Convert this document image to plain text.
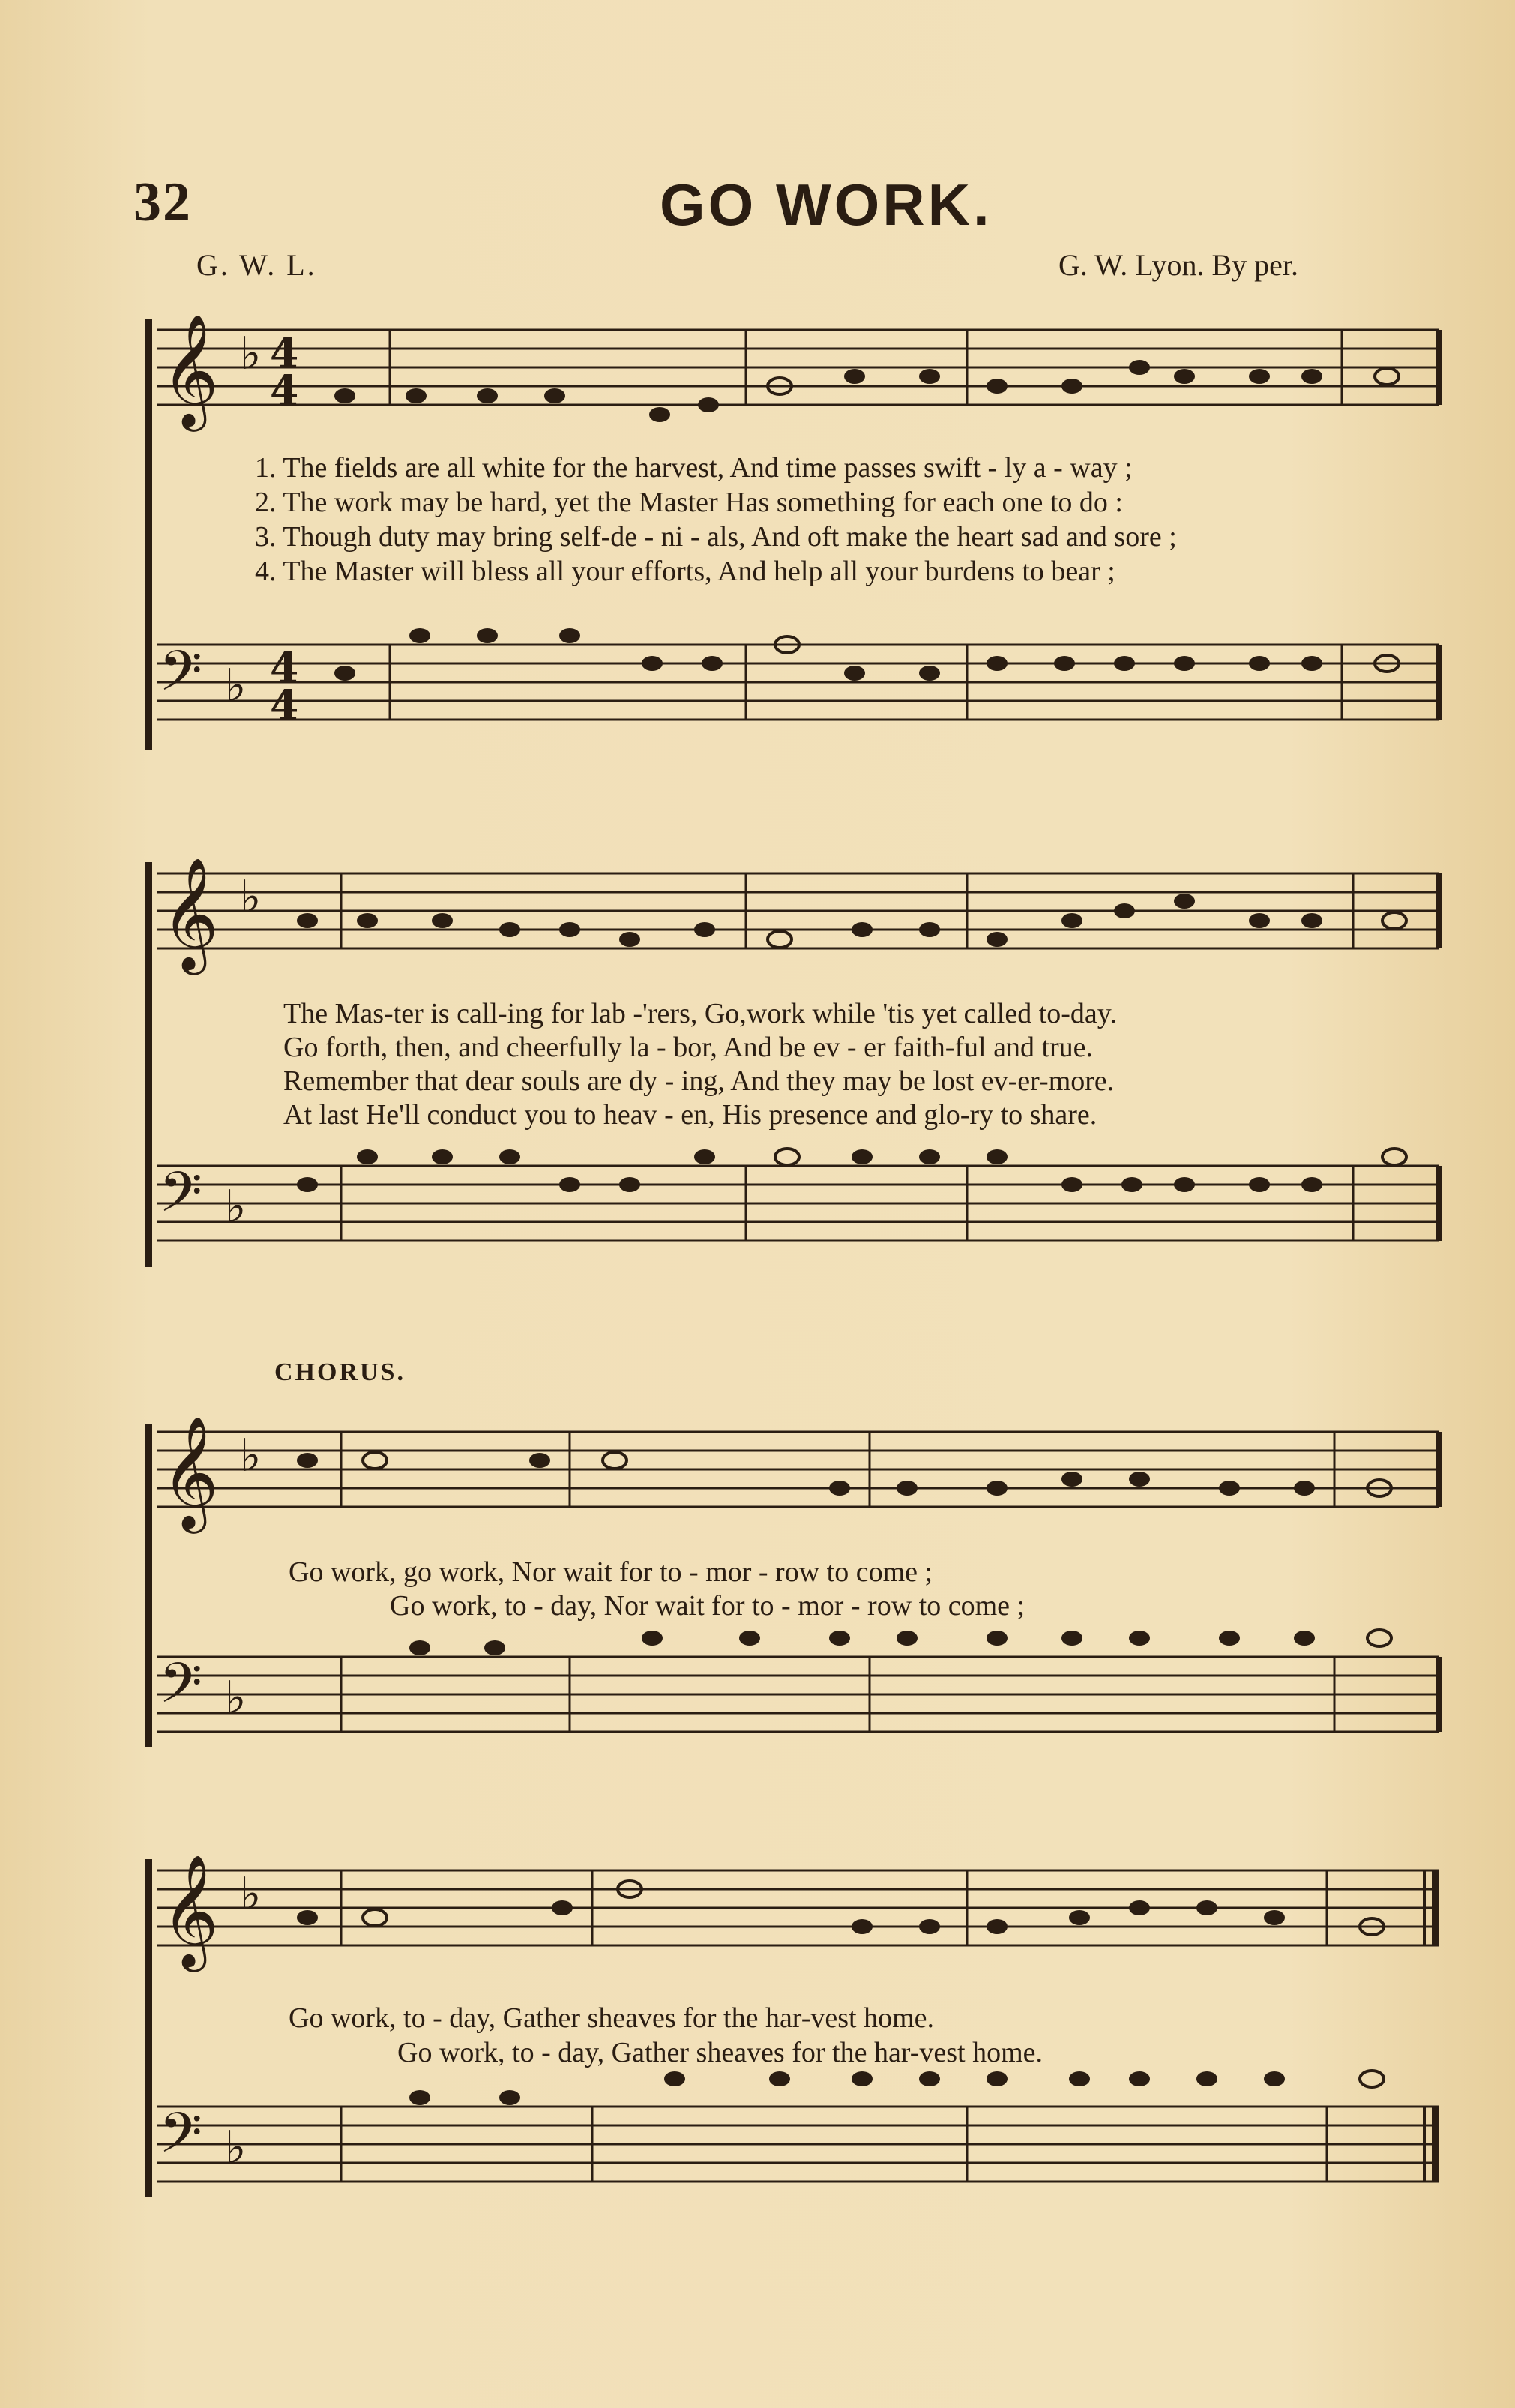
32	GO WORK.
G. W. L.	G. W. Lyon. By per.
𝄞 ♭ 4
4
𝄢 ♭ 4
4
𝄞 ♭
𝄢 ♭
𝄞 ♭
𝄢 ♭
𝄞 ♭
𝄢 ♭
1. The fields are all white for the harvest, And time passes swift - ly a - way ;
2. The work may be hard, yet the Master Has something for each one to do :
3. Though duty may bring self-de - ni - als, And oft make the heart sad and sore ;
4. The Master will bless all your efforts, And help all your burdens to bear ;
The Mas-ter is call-ing for lab -'rers, Go,work while 'tis yet called to-day.
Go forth, then, and cheerfully la - bor, And be ev - er faith-ful and true.
Remember that dear souls are dy - ing, And they may be lost ev-er-more.
At last He'll conduct you to heav - en, His presence and glo-ry to share.
CHORUS.
Go work, go work, Nor wait for to - mor - row to come ;
Go work, to - day, Nor wait for to - mor - row to come ;
Go work, to - day, Gather sheaves for the har-vest home.
Go work, to - day, Gather sheaves for the har-vest home.
